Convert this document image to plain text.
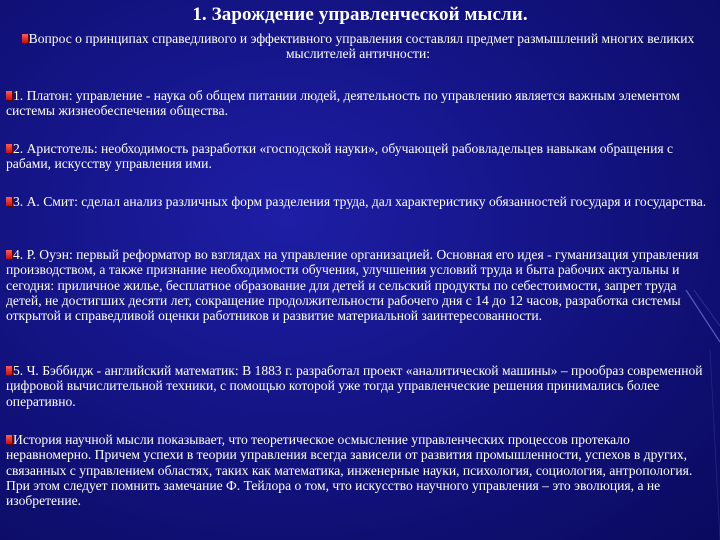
1. Зарождение управленческой мысли.

Вопрос о принципах справедливого и эффективного управления составлял предмет размышлений многих великих мыслителей античности:

1. Платон: управление - наука об общем питании людей, деятельность по управлению является важным элементом системы жизнеобеспечения общества.

2. Аристотель: необходимость разработки «господской науки», обучающей рабовладельцев навыкам обращения с рабами, искусству управления ими.

3. А. Смит: сделал анализ различных форм разделения труда, дал характеристику обязанностей государя и государства.

4. Р. Оуэн: первый реформатор во взглядах на управление организацией. Основная его идея - гуманизация управления производством, а также признание необходимости обучения, улучшения условий труда и быта рабочих актуальны и сегодня: приличное жилье, бесплатное образование для детей и сельский продукты по себестоимости, запрет труда детей, не достигших десяти лет, сокращение продолжительности рабочего дня с 14 до 12 часов, разработка системы открытой и справедливой оценки работников и развитие материальной заинтересованности.

5. Ч. Бэббидж - английский математик: В 1883 г. разработал проект «аналитической машины» – прообраз современной цифровой вычислительной техники, с помощью которой уже тогда управленческие решения принимались более оперативно.

История научной мысли показывает, что теоретическое осмысление управленческих процессов протекало неравномерно. Причем успехи в теории управления всегда зависели от развития промышленности, успехов в других, связанных с управлением областях, таких как математика, инженерные науки, психология, социология, антропология. При этом следует помнить замечание Ф. Тейлора о том, что искусство научного управления – это эволюция, а не изобретение.
